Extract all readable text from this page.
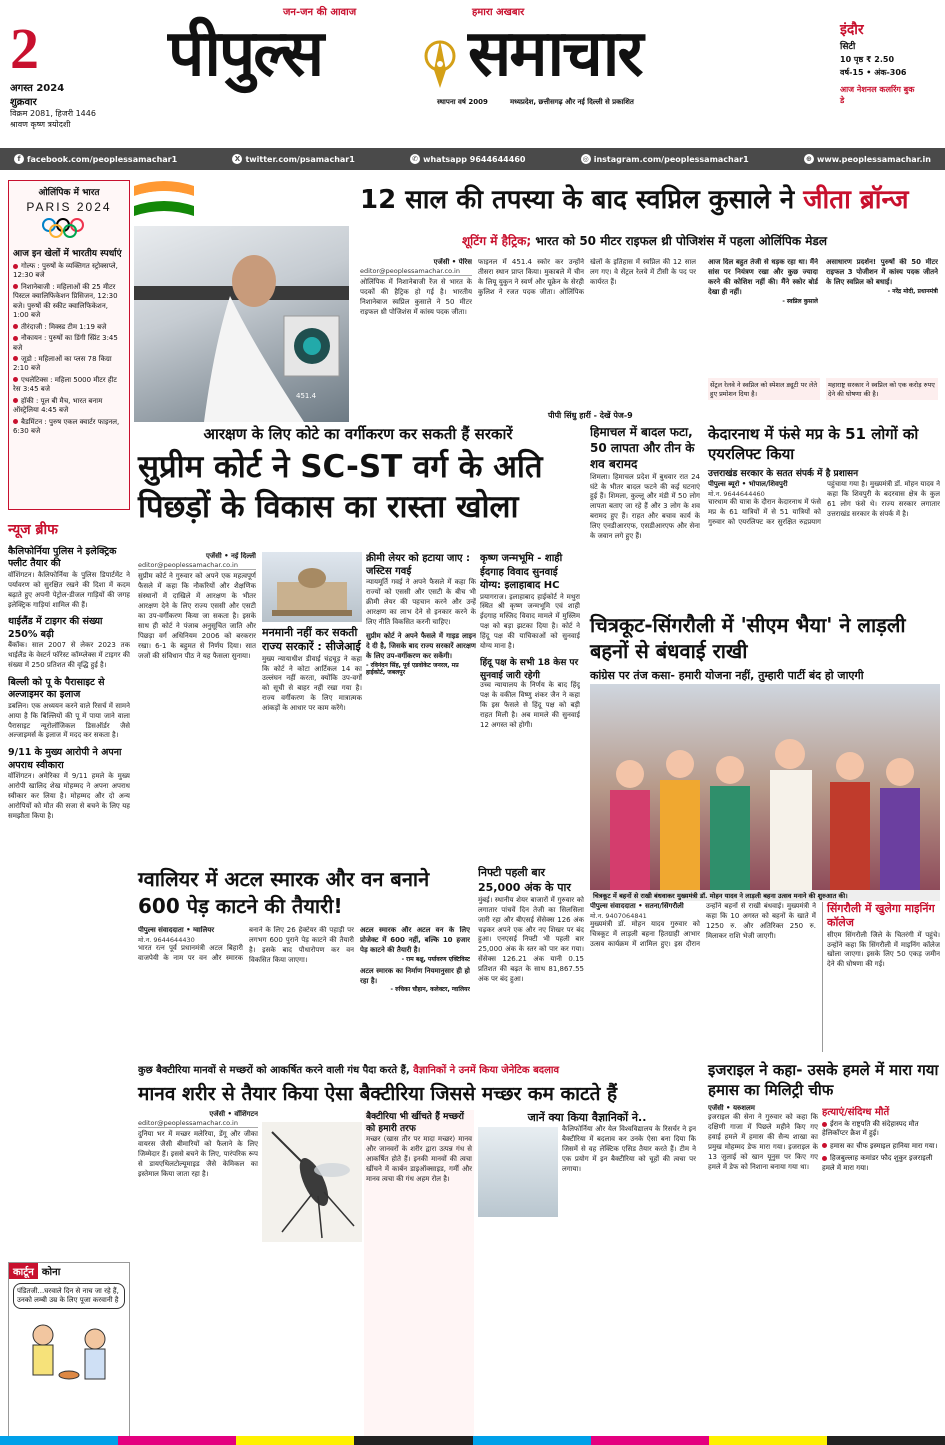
2
अगस्त 2024
शुक्रवार
विक्रम 2081, हिजरी 1446
श्रावण कृष्ण त्रयोदशी
जन-जन की आवाज	हमारा अखबार
पीपुल्स समाचार
स्थापना वर्ष 2009	मध्यप्रदेश, छत्तीसगढ़ और नई दिल्ली से प्रकाशित
इंदौर
सिटी
10 पृष्ठ ₹ 2.50
वर्ष-15 • अंक-306
आज नेशनल कलरिंग बुक डे
f facebook.com/peoplessamachar1	X twitter.com/psamachar1	✆ whatsapp 9644644460	◎ instagram.com/peoplessamachar1	⊕ www.peoplessamachar.in
ओलिंपिक में भारत
PARIS 2024
आज इन खेलों में भारतीय स्पर्धाएं
गोल्फ : पुरुषों के व्यक्तिगत स्ट्रोक्सप्ले, 12:30 बजे
निशानेबाजी : महिलाओं की 25 मीटर पिस्टल क्वालिफिकेशन प्रिसिजन, 12:30 बजे। पुरुषों की स्कीट क्वालिफिकेशन, 1:00 बजे
तीरंदाजी : मिक्स्ड टीम 1:19 बजे
नौकायन : पुरुषों का डिंगी स्प्रिंट 3:45 बजे
जूडो : महिलाओं का प्लस 78 किग्रा 2:10 बजे
एथलेटिक्स : महिला 5000 मीटर हीट रेस 3:45 बजे
हॉकी : पूल बी मैच, भारत बनाम ऑस्ट्रेलिया 4:45 बजे
बैडमिंटन : पुरुष एकल क्वार्टर फाइनल, 6:30 बजे
451.4
12 साल की तपस्या के बाद स्वप्निल कुसाले ने जीता ब्रॉन्ज
शूटिंग में हैट्रिक; भारत को 50 मीटर राइफल थ्री पोजिशंस में पहला ओलिंपिक मेडल
एजेंसी • पेरिस
editor@peoplessamachar.co.in
ओलिंपिक में निशानेबाजी रेंज से भारत के पदकों की हैट्रिक हो गई है। भारतीय निशानेबाज स्वप्निल कुसाले ने 50 मीटर राइफल थ्री पोजिशंस में कांस्य पदक जीता।
फाइनल में 451.4 स्कोर कर उन्होंने तीसरा स्थान प्राप्त किया। मुकाबले में चीन के लियू युकुन ने स्वर्ण और यूक्रेन के सेरही कुलिश ने रजत पदक जीता। ओलिंपिक खेलों के इतिहास में स्वप्निल की 12 साल लग गए। वे सेंट्रल रेलवे में टीसी के पद पर कार्यरत हैं।
आज दिल बहुत तेजी से धड़क रहा था। मैंने सांस पर नियंत्रण रखा और कुछ ज्यादा करने की कोशिश नहीं की। मैंने स्कोर बोर्ड देखा ही नहीं।
- स्वप्निल कुसाले
असाधारण प्रदर्शन! पुरुषों की 50 मीटर राइफल 3 पोजीशन में कांस्य पदक जीतने के लिए स्वप्निल को बधाई।
- नरेंद्र मोदी, प्रधानमंत्री
सेंट्रल रेलवे ने स्वप्निल को स्पेशल ड्यूटी पर लेते हुए प्रमोशन दिया है।
महाराष्ट्र सरकार ने स्वप्निल को एक करोड़ रुपए देने की घोषणा की है।
पीपी सिंधु हारीं - देखें पेज-9
न्यूज ब्रीफ
कैलिफोर्निया पुलिस ने इलेक्ट्रिक फ्लीट तैयार की
वॉशिंगटन। कैलिफोर्निया के पुलिस डिपार्टमेंट ने पर्यावरण को सुरक्षित रखने की दिशा में कदम बढ़ाते हुए अपनी पेट्रोल-डीजल गाड़ियों की जगह इलेक्ट्रिक गाड़ियां शामिल की हैं।
थाईलैंड में टाइगर की संख्या 250% बढ़ी
बैंकॉक। साल 2007 से लेकर 2023 तक थाईलैंड के वेस्टर्न फॉरेस्ट कॉम्प्लेक्स में टाइगर की संख्या में 250 प्रतिशत की वृद्धि हुई है।
बिल्ली को पू के पैरासाइट से अल्जाइमर का इलाज
डबलिन। एक अध्ययन करने वाले रिसर्च में सामने आया है कि बिल्लियों की पू में पाया जाने वाला पैरासाइट न्यूरोलॉजिकल डिसऑर्डर जैसे अल्जाइमर्स के इलाज में मदद कर सकता है।
9/11 के मुख्य आरोपी ने अपना अपराध स्वीकारा
वॉशिंगटन। अमेरिका में 9/11 हमले के मुख्य आरोपी खालिद शेख मोहम्मद ने अपना अपराध स्वीकार कर लिया है। मोहम्मद और दो अन्य आरोपियों को मौत की सजा से बचने के लिए यह समझौता किया है।
आरक्षण के लिए कोटे का वर्गीकरण कर सकती हैं सरकारें
सुप्रीम कोर्ट ने SC-ST वर्ग के अति पिछड़ों के विकास का रास्ता खोला
एजेंसी • नई दिल्ली
editor@peoplessamachar.co.in
सुप्रीम कोर्ट ने गुरुवार को अपने एक महत्वपूर्ण फैसले में कहा कि नौकरियों और शैक्षणिक संस्थानों में दाखिले में आरक्षण के भीतर आरक्षण देने के लिए राज्य एससी और एसटी का उप-वर्गीकरण किया जा सकता है। इसके साथ ही कोर्ट ने पंजाब अनुसूचित जाति और पिछड़ा वर्ग अधिनियम 2006 को बरकरार रखा। 6-1 के बहुमत से निर्णय दिया। सात जजों की संविधान पीठ ने यह फैसला सुनाया।
मनमानी नहीं कर सकती राज्य सरकारें : सीजेआई
मुख्य न्यायाधीश डीवाई चंद्रचूड़ ने कहा कि कोर्ट ने कोटा आर्टिकल 14 का उल्लंघन नहीं करता, क्योंकि उप-वर्गों को सूची से बाहर नहीं रखा गया है। राज्य वर्गीकरण के लिए मात्रात्मक आंकड़ों के आधार पर काम करेंगे।
क्रीमी लेयर को हटाया जाए : जस्टिस गवई
न्यायमूर्ति गवई ने अपने फैसले में कहा कि राज्यों को एससी और एसटी के बीच भी क्रीमी लेयर की पहचान करने और उन्हें आरक्षण का लाभ देने से इनकार करने के लिए नीति विकसित करनी चाहिए।
सुप्रीम कोर्ट ने अपने फैसले में गाइड लाइन दे दी है, जिसके बाद राज्य सरकारें आरक्षण के लिए उप-वर्गीकरण कर सकेंगी।
- रविनंदन सिंह, पूर्व एडवोकेट जनरल, मप्र हाईकोर्ट, जबलपुर
कृष्ण जन्मभूमि - शाही ईदगाह विवाद सुनवाई योग्य: इलाहाबाद HC
प्रयागराज। इलाहाबाद हाईकोर्ट ने मथुरा स्थित श्री कृष्ण जन्मभूमि एवं शाही ईदगाह मस्जिद विवाद मामले में मुस्लिम पक्ष को बड़ा झटका दिया है। कोर्ट ने हिंदू पक्ष की याचिकाओं को सुनवाई योग्य माना है।
हिंदू पक्ष के सभी 18 केस पर सुनवाई जारी रहेगी
उच्च न्यायालय के निर्णय के बाद हिंदू पक्ष के वकील विष्णु शंकर जैन ने कहा कि इस फैसले से हिंदू पक्ष को बड़ी राहत मिली है। अब मामले की सुनवाई 12 अगस्त को होगी।
हिमाचल में बादल फटा, 50 लापता और तीन के शव बरामद
शिमला। हिमाचल प्रदेश में बुधवार रात 24 घंटे के भीतर बादल फटने की कई घटनाएं हुई हैं। शिमला, कुल्लू और मंडी में 50 लोग लापता बताए जा रहे हैं और 3 लोग के शव बरामद हुए हैं। राहत और बचाव कार्य के लिए एनडीआरएफ, एसडीआरएफ और सेना के जवान लगे हुए हैं।
केदारनाथ में फंसे मप्र के 51 लोगों को एयरलिफ्ट किया
उत्तराखंड सरकार के सतत संपर्क में है प्रशासन
पीपुल्स ब्यूरो • भोपाल/शिवपुरी
मो.न. 9644644460
चारधाम की यात्रा के दौरान केदारनाथ में फंसे मप्र के 61 यात्रियों में से 51 यात्रियों को गुरुवार को एयरलिफ्ट कर सुरक्षित रुद्रप्रयाग पहुंचाया गया है। मुख्यमंत्री डॉ. मोहन यादव ने कहा कि शिवपुरी के बदरवास क्षेत्र के कुल 61 लोग फंसे थे। राज्य सरकार लगातार उत्तराखंड सरकार के संपर्क में है।
चित्रकूट-सिंगरौली में 'सीएम भैया' ने लाड़ली बहनों से बंधवाई राखी
कांग्रेस पर तंज कसा- हमारी योजना नहीं, तुम्हारी पार्टी बंद हो जाएगी
चित्रकूट में बहनों से राखी बंधवाकर मुख्यमंत्री डॉ. मोहन यादव ने लाड़ली बहना उत्सव मनाने की शुरुआत की।
पीपुल्स संवाददाता • सतना/सिंगरौली
मो.न. 9407064841
मुख्यमंत्री डॉ. मोहन यादव गुरुवार को चित्रकूट में लाड़ली बहना हितग्राही आभार उत्सव कार्यक्रम में शामिल हुए। इस दौरान उन्होंने बहनों से राखी बंधवाई। मुख्यमंत्री ने कहा कि 10 अगस्त को बहनों के खाते में 1250 रु. और अतिरिक्त 250 रु. मिलाकर राशि भेजी जाएगी।
सिंगरौली में खुलेगा माइनिंग कॉलेज
सीएम सिंगरौली जिले के चितरंगी में पहुंचे। उन्होंने कहा कि सिंगरौली में माइनिंग कॉलेज खोला जाएगा। इसके लिए 50 एकड़ जमीन देने की घोषणा की गई।
ग्वालियर में अटल स्मारक और वन बनाने 600 पेड़ काटने की तैयारी!
पीपुल्स संवाददाता • ग्वालियर
मो.न. 9644644430
भारत रत्न पूर्व प्रधानमंत्री अटल बिहारी वाजपेयी के नाम पर वन और स्मारक बनाने के लिए 26 हेक्टेयर की पहाड़ी पर लगभग 600 पुराने पेड़ काटने की तैयारी है। इसके बाद पौधारोपण कर वन विकसित किया जाएगा।
अटल स्मारक और अटल वन के लिए प्रोजेक्ट में 600 नहीं, बल्कि 10 हजार पेड़ काटने की तैयारी है।
- राम बक्षु, पर्यावरण एक्टिविस्ट
अटल स्मारक का निर्माण नियमानुसार ही हो रहा है।
- रुचिका चौहान, कलेक्टर, ग्वालियर
निफ्टी पहली बार 25,000 अंक के पार
मुंबई। स्थानीय शेयर बाजारों में गुरुवार को लगातार पांचवें दिन तेजी का सिलसिला जारी रहा और बीएसई सेंसेक्स 126 अंक चढ़कर अपने एक और नए शिखर पर बंद हुआ। एनएसई निफ्टी भी पहली बार 25,000 अंक के स्तर को पार कर गया। सेंसेक्स 126.21 अंक यानी 0.15 प्रतिशत की बढ़त के साथ 81,867.55 अंक पर बंद हुआ।
कुछ बैक्टीरिया मानवों से मच्छरों को आकर्षित करने वाली गंध पैदा करते हैं, वैज्ञानिकों ने उनमें किया जेनेटिक बदलाव
मानव शरीर से तैयार किया ऐसा बैक्टीरिया जिससे मच्छर कम काटते हैं
एजेंसी • वॉशिंगटन
editor@peoplessamachar.co.in
दुनिया भर में मच्छर मलेरिया, डेंगू और जीका वायरस जैसी बीमारियों को फैलाने के लिए जिम्मेदार हैं। इससे बचने के लिए, पारंपरिक रूप से डायएथिलटोल्यूमाइड जैसे केमिकल का इस्तेमाल किया जाता रहा है।
बैक्टीरिया भी खींचते हैं मच्छरों को हमारी तरफ
मच्छर (खास तौर पर मादा मच्छर) मानव और जानवरों के शरीर द्वारा उत्पन्न गंध से आकर्षित होते हैं। इनकी मानवों की त्वचा खींचने में कार्बन डाइऑक्साइड, गर्मी और मानव त्वचा की गंध अहम रोल है।
जानें क्या किया वैज्ञानिकों ने..
कैलिफोर्निया और येल विश्वविद्यालय के रिसर्चर ने इन बैक्टीरिया में बदलाव कर उनके ऐसा बना दिया कि जिसमें से वह लेक्टिक एसिड तैयार करते हैं। टीम ने एक प्रयोग में इन बैक्टीरिया को चूहों की त्वचा पर लगाया।
इजराइल ने कहा- उसके हमले में मारा गया हमास का मिलिट्री चीफ
एजेंसी • यरुशलम
इजराइल की सेना ने गुरुवार को कहा कि दक्षिणी गाजा में पिछले महीने किए गए हवाई हमले में हमास की सैन्य शाखा का प्रमुख मोहम्मद डेफ मारा गया। इजराइल के 13 जुलाई को खान यूनुस पर किए गए हमले में डेफ को निशाना बनाया गया था।
हत्याएं/संदिग्ध मौतें
ईरान के राष्ट्रपति की संदेहास्पद मौत हेलिकॉप्टर क्रैश में हुई।
हमास का चीफ इस्माइल हानिया मारा गया।
हिजबुल्लाह कमांडर फौद शुकुर इजराइली हमले में मारा गया।
कार्टून कोना
पंडितजी...घरवाले दिन से नाच जा रहे हैं, उनको लम्बी उम्र के लिए पूजा करवानी है
